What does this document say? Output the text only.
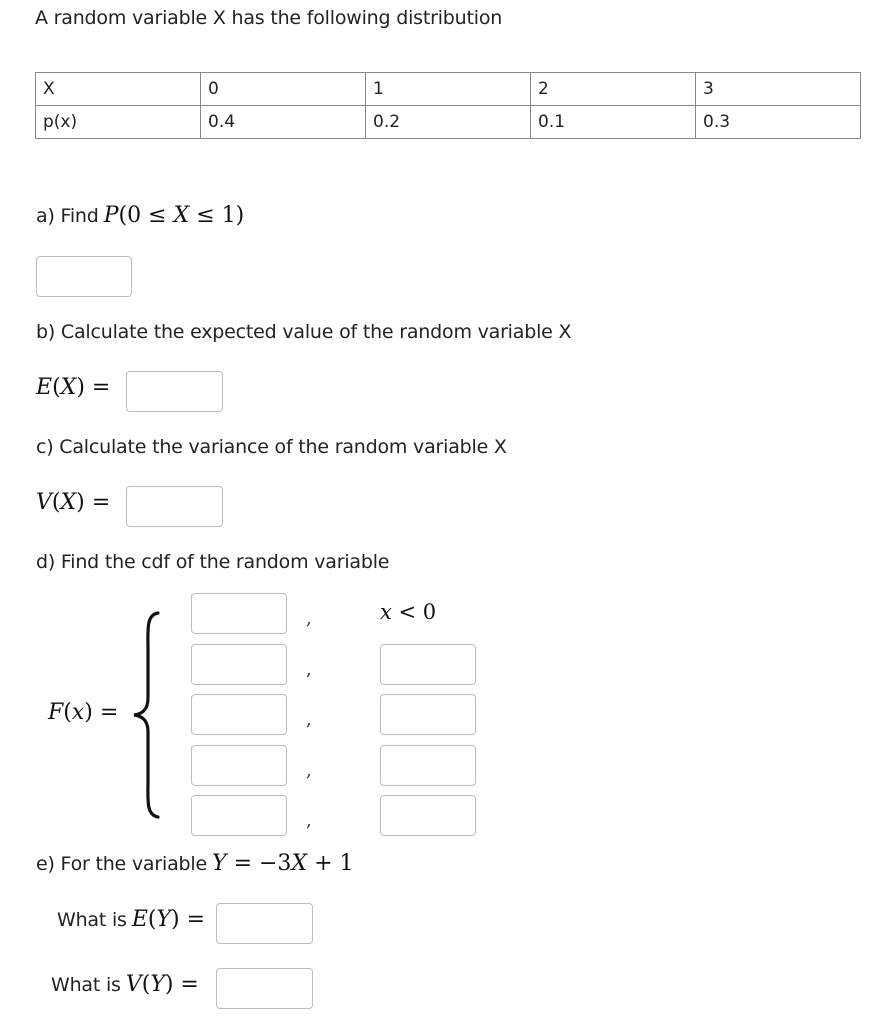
A random variable X has the following distribution
X	0	1	2	3
p(x)	0.4	0.2	0.1	0.3
a) Find P(0 ≤ X ≤ 1)
b) Calculate the expected value of the random variable X
E(X) =
c) Calculate the variance of the random variable X
V(X) =
d) Find the cdf of the random variable
F(x) =
,
,
,
,
,
x < 0
e) For the variable Y = −3X + 1
What is E(Y) =
What is V(Y) =
